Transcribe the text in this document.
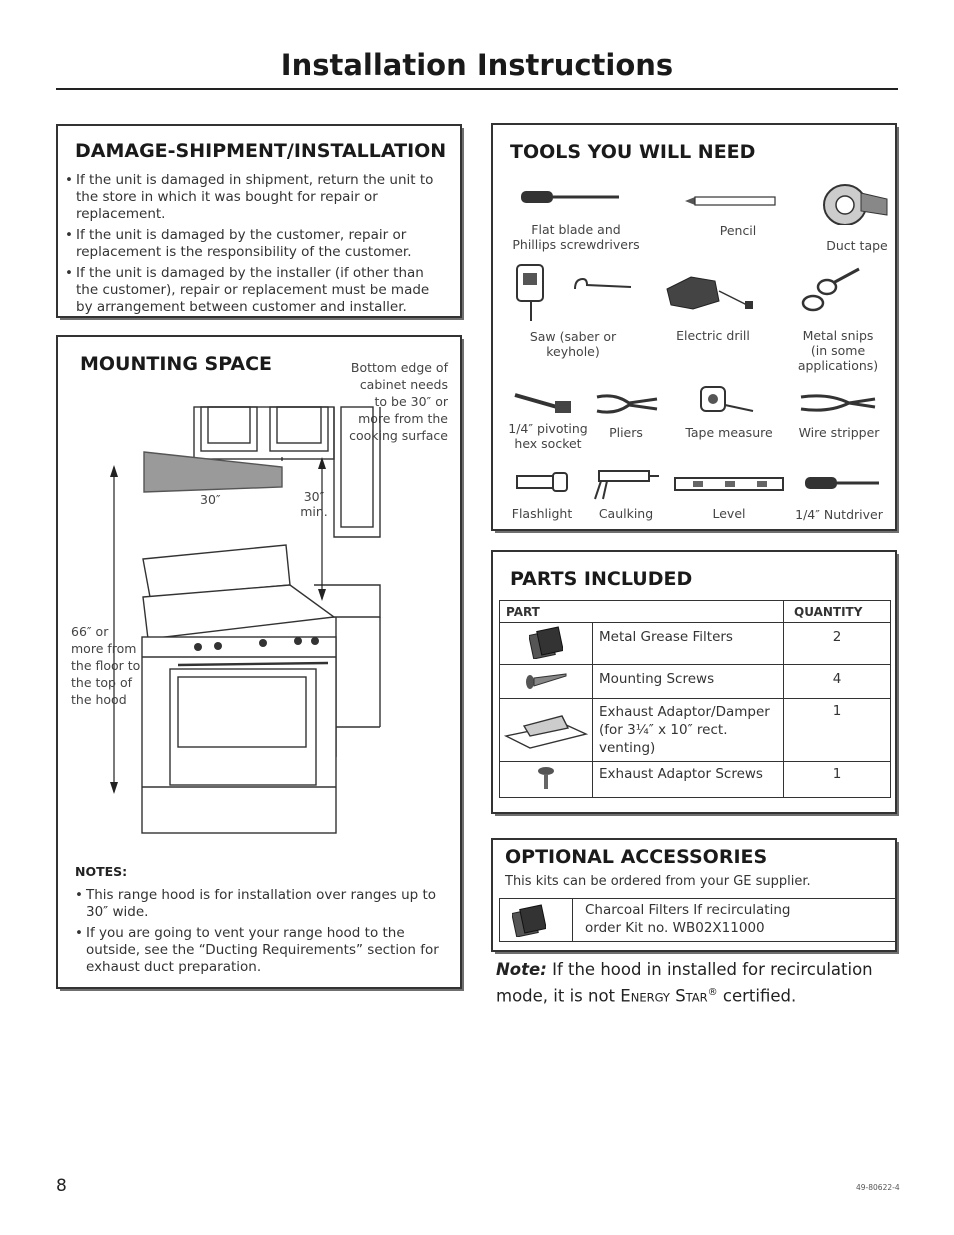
Installation Instructions
DAMAGE-SHIPMENT/INSTALLATION
• If the unit is damaged in shipment, return the unit to the store in which it was bought for repair or replacement.
• If the unit is damaged by the customer, repair or replacement is the responsibility of the customer.
• If the unit is damaged by the installer (if other than the customer), repair or replacement must be made by arrangement between customer and installer.
MOUNTING SPACE	Bottom edge of cabinet needs to be 30″ or more from the cooking surface
30″	30″ min.
66″ or more from the floor to the top of the hood
NOTES:
• This range hood is for installation over ranges up to 30″ wide.
• If you are going to vent your range hood to the outside, see the “Ducting Requirements” section for exhaust duct preparation.
TOOLS YOU WILL NEED
Flat blade and Phillips screwdrivers
Pencil
Duct tape
Saw (saber or keyhole)
Electric drill	Metal snips (in some applications)
1/4″ pivoting hex socket
Pliers	Tape measure	Wire stripper
Flashlight	Caulking	Level	1/4″ Nutdriver
PARTS INCLUDED
PART		QUANTITY
	Metal Grease Filters	2
	Mounting Screws	4

Exhaust Adaptor/Damper
(for 3¼″ x 10″ rect. venting)	1
	Exhaust Adaptor Screws	1
OPTIONAL ACCESSORIES
This kits can be ordered from your GE supplier.
Charcoal Filters If recirculating
order Kit no. WB02X11000
Note: If the hood in installed for recirculation mode, it is not ENERGY STAR® certified.
8	49-80622-4
